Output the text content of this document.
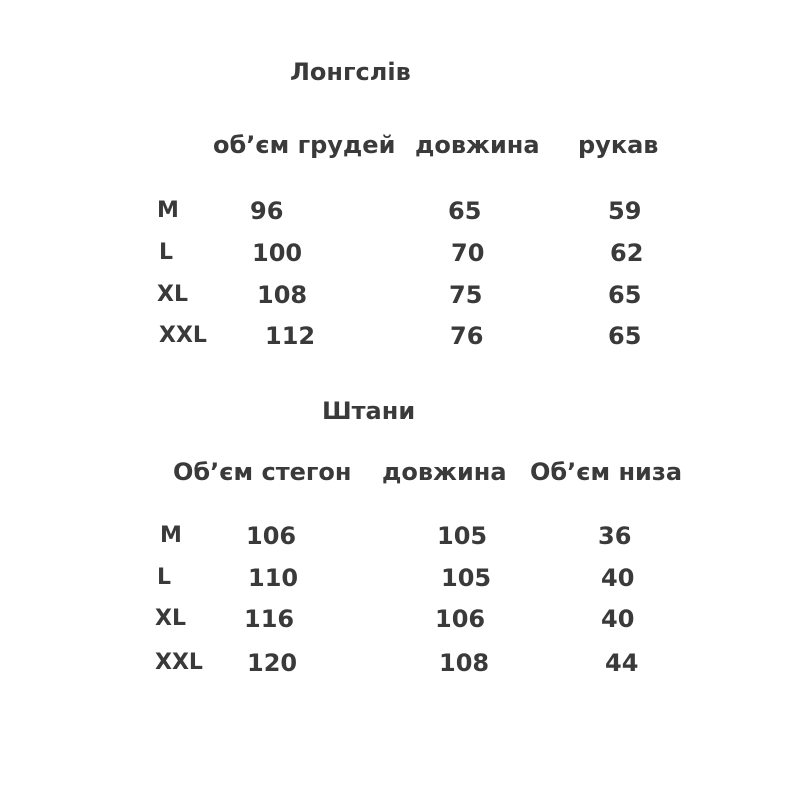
Лонгслів
об’єм грудей довжина рукав
M	96	65	59
L	100	70	62
XL	108	75	65
XXL 112	76	65
Штани
Об’єм стегон довжина Об’єм низа
M	106	105	36
L	110	105	40
XL 116	106	40
XXL 120	108	44
